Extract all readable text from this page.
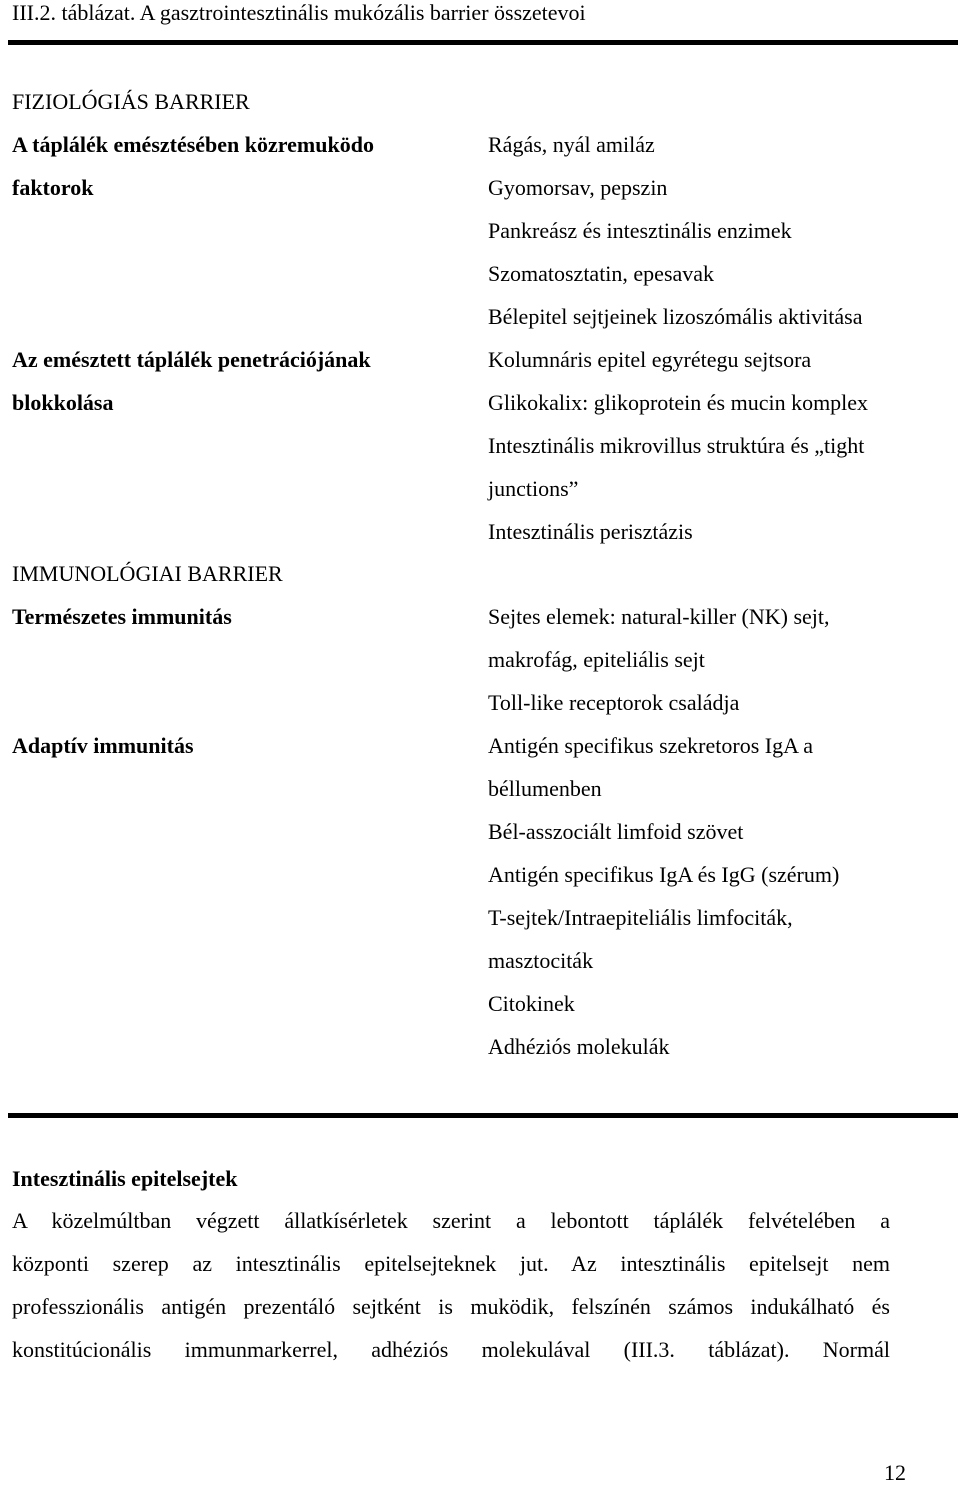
III.2. táblázat. A gasztrointesztinális mukózális barrier összetevoi
FIZIOLÓGIÁS BARRIER
A táplálék emésztésében közremuködo
faktorok
Rágás, nyál amiláz
Gyomorsav, pepszin
Pankreász és intesztinális enzimek
Szomatosztatin, epesavak
Bélepitel sejtjeinek lizoszómális aktivitása
Az emésztett táplálék penetrációjának
blokkolása
Kolumnáris epitel egyrétegu sejtsora
Glikokalix: glikoprotein és mucin komplex
Intesztinális mikrovillus struktúra és „tight
junctions”
Intesztinális perisztázis
IMMUNOLÓGIAI BARRIER
Természetes immunitás	Sejtes elemek: natural-killer (NK) sejt,
makrofág, epiteliális sejt
Toll-like receptorok családja
Adaptív immunitás	Antigén specifikus szekretoros IgA a
béllumenben
Bél-asszociált limfoid szövet
Antigén specifikus IgA és IgG (szérum)
T-sejtek/Intraepiteliális limfociták,
masztociták
Citokinek
Adhéziós molekulák
Intesztinális epitelsejtek
A közelmúltban végzett állatkísérletek szerint a lebontott táplálék felvételében a
központi szerep az intesztinális epitelsejteknek jut. Az intesztinális epitelsejt nem
professzionális antigén prezentáló sejtként is muködik, felszínén számos indukálható és
konstitúcionális immunmarkerrel, adhéziós molekulával (III.3. táblázat). Normál
12
